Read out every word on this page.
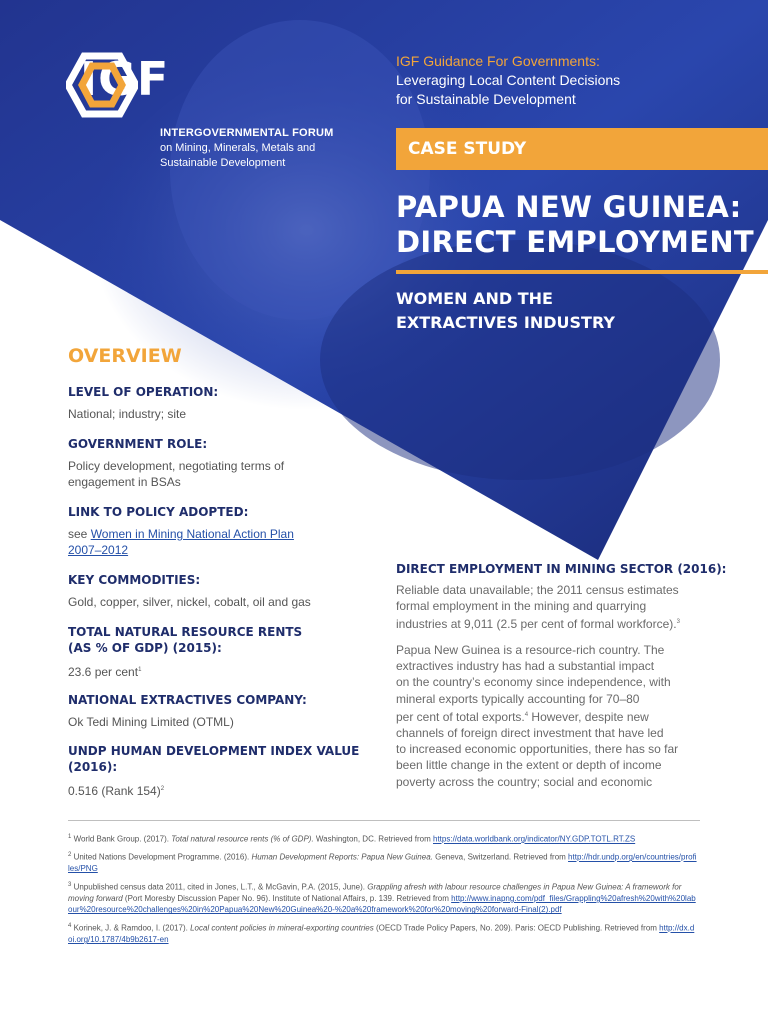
IGF
INTERGOVERNMENTAL FORUM
on Mining, Minerals, Metals and
Sustainable Development
IGF Guidance For Governments:
Leveraging Local Content Decisions
for Sustainable Development
CASE STUDY
PAPUA NEW GUINEA:
DIRECT EMPLOYMENT
WOMEN AND THE
EXTRACTIVES INDUSTRY
OVERVIEW
LEVEL OF OPERATION:
National; industry; site
GOVERNMENT ROLE:
Policy development, negotiating terms of engagement in BSAs
LINK TO POLICY ADOPTED:
see Women in Mining National Action Plan
2007–2012
KEY COMMODITIES:
Gold, copper, silver, nickel, cobalt, oil and gas
TOTAL NATURAL RESOURCE RENTS
(AS % OF GDP) (2015):
23.6 per cent$^1$
NATIONAL EXTRACTIVES COMPANY:
Ok Tedi Mining Limited (OTML)
UNDP HUMAN DEVELOPMENT INDEX VALUE (2016):
0.516 (Rank 154)$^2$
DIRECT EMPLOYMENT IN MINING SECTOR (2016):
Reliable data unavailable; the 2011 census estimates
formal employment in the mining and quarrying
industries at 9,011 (2.5 per cent of formal workforce).$^3$
Papua New Guinea is a resource-rich country. The
extractives industry has had a substantial impact
on the country’s economy since independence, with
mineral exports typically accounting for 70–80
per cent of total exports.$^4$ However, despite new
channels of foreign direct investment that have led
to increased economic opportunities, there has so far
been little change in the extent or depth of income
poverty across the country; social and economic

$^1$ World Bank Group. (2017). Total natural resource rents (% of GDP). Washington, DC. Retrieved from https://data.worldbank.org/indicator/NY.GDP.TOTL.RT.ZS

$^2$ United Nations Development Programme. (2016). Human Development Reports: Papua New Guinea. Geneva, Switzerland. Retrieved from http://hdr.undp.org/en/countries/profiles/PNG

$^3$ Unpublished census data 2011, cited in Jones, L.T., & McGavin, P.A. (2015, June). Grappling afresh with labour resource challenges in Papua New Guinea: A framework for moving forward (Port Moresby Discussion Paper No. 96). Institute of National Affairs, p. 139. Retrieved from http://www.inapng.com/pdf_files/Grappling%20afresh%20with%20labour%20resource%20challenges%20in%20Papua%20New%20Guinea%20-%20a%20framework%20for%20moving%20forward-Final(2).pdf

$^4$ Korinek, J. & Ramdoo, I. (2017). Local content policies in mineral-exporting countries (OECD Trade Policy Papers, No. 209). Paris: OECD Publishing. Retrieved from http://dx.doi.org/10.1787/4b9b2617-en
